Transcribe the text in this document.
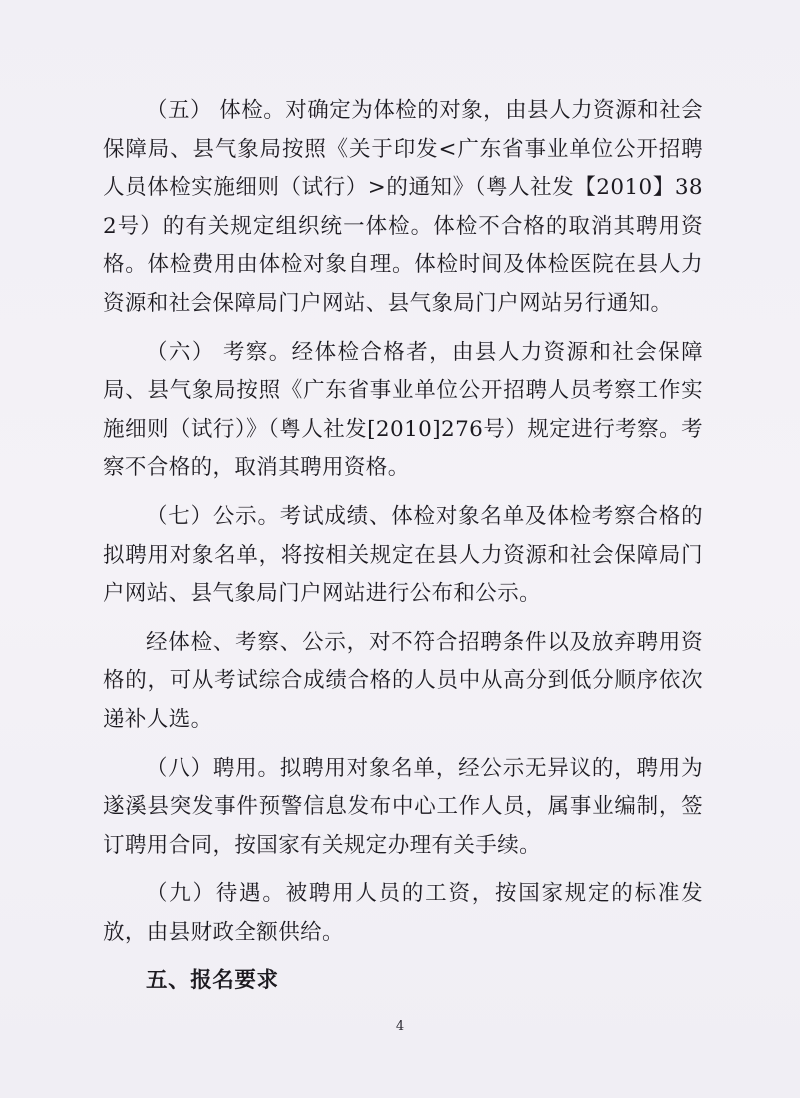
（五） 体检。对确定为体检的对象，由县人力资源和社会保障局、县气象局按照《关于印发<广东省事业单位公开招聘人员体检实施细则（试行）>的通知》（粤人社发【2010】382号）的有关规定组织统一体检。体检不合格的取消其聘用资格。体检费用由体检对象自理。体检时间及体检医院在县人力资源和社会保障局门户网站、县气象局门户网站另行通知。

（六） 考察。经体检合格者，由县人力资源和社会保障局、县气象局按照《广东省事业单位公开招聘人员考察工作实施细则（试行）》（粤人社发[2010]276号）规定进行考察。考察不合格的，取消其聘用资格。

（七）公示。考试成绩、体检对象名单及体检考察合格的拟聘用对象名单，将按相关规定在县人力资源和社会保障局门户网站、县气象局门户网站进行公布和公示。

经体检、考察、公示，对不符合招聘条件以及放弃聘用资格的，可从考试综合成绩合格的人员中从高分到低分顺序依次递补人选。

（八）聘用。拟聘用对象名单，经公示无异议的，聘用为遂溪县突发事件预警信息发布中心工作人员，属事业编制，签订聘用合同，按国家有关规定办理有关手续。

（九）待遇。被聘用人员的工资，按国家规定的标准发放，由县财政全额供给。

五、报名要求
4
